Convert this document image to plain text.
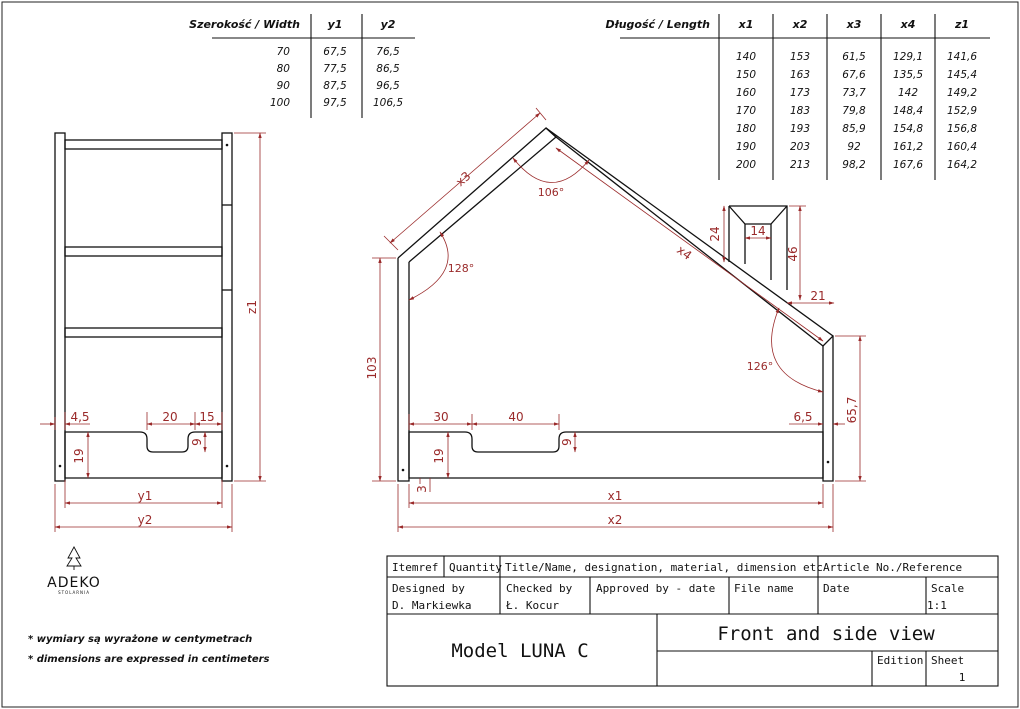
Szerokość / Width	y1	y2
70	67,5	76,5
80	77,5	86,5
90	87,5	96,5
100	97,5	106,5
Długość / Length	x1	x2	x3	x4	z1
140	153	61,5	129,1 141,6
150	163	67,6	135,5 145,4
160	173	73,7	142	149,2
170	183	79,8	148,4 152,9
180	193	85,9	154,8 156,8
190	203	92	161,2 160,4
200	213	98,2	167,6 164,2
4,5	20 15
9
19
y1
y2
z1
30	40
9
19
3
6,5	65,7
103
x1
x2
x3
x4
24 14
46
21
106°
128°
126°
ADEKO
STOLARNIA
* wymiary są wyrażone w centymetrach
* dimensions are expressed in centimeters
Itemref Quantity Title/Name, designation, material, dimension etc Article No./Reference
Designed by
D. Markiewka
Checked by
Ł. Kocur
Approved by - date File name	Date	Scale
1:1
Model LUNA C
Front and side view
Edition Sheet
1
